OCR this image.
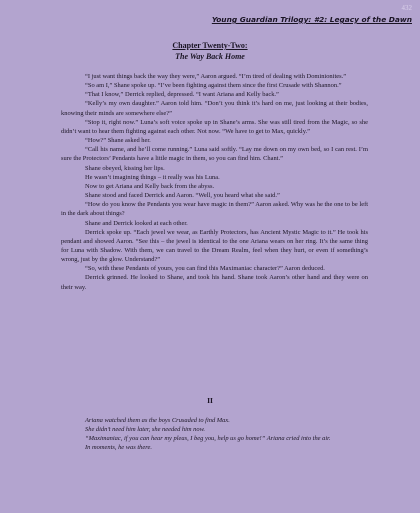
432
Young Guardian Trilogy: #2: Legacy of the Dawn
Chapter Twenty-Two:
The Way Back Home

“I just want things back the way they were,” Aaron argued. “I’m tired of dealing with Dominionites.”

“So am I,” Shane spoke up. “I’ve been fighting against them since the first Crusade with Shannon.”

“That I know,” Derrick replied, depressed. “I want Ariana and Kelly back.”

“Kelly’s my own daughter.” Aaron told him. “Don’t you think it’s hard on me, just looking at their bodies, knowing their minds are somewhere else?”

“Stop it, right now.” Luna’s soft voice spoke up in Shane’s arms. She was still tired from the Magic, so she didn’t want to hear them fighting against each other. Not now. “We have to get to Max, quickly.”

“How?” Shane asked her.

“Call his name, and he’ll come running.” Luna said softly. “Lay me down on my own bed, so I can rest. I’m sure the Protectors’ Pendants have a little magic in them, so you can find him. Chant.”

Shane obeyed, kissing her lips.

He wasn’t imagining things – it really was his Luna.

Now to get Ariana and Kelly back from the abyss.

Shane stood and faced Derrick and Aaron. “Well, you heard what she said.”

“How do you know the Pendants you wear have magic in them?” Aaron asked. Why was he the one to be left in the dark about things?

Shane and Derrick looked at each other.

Derrick spoke up. “Each jewel we wear, as Earthly Protectors, has Ancient Mystic Magic to it.” He took his pendant and showed Aaron. “See this – the jewel is identical to the one Ariana wears on her ring. It’s the same thing for Luna with Shadow. With them, we can travel to the Dream Realm, feel when they hurt, or even if something’s wrong, just by the glow. Understand?”

“So, with these Pendants of yours, you can find this Maximaniac character?” Aaron deduced.

Derrick grinned. He looked to Shane, and took his hand. Shane took Aaron’s other hand and they were on their way.

II

Ariana watched them as the boys Crusaded to find Max.

She didn’t need him later, she needed him now.

“Maximaniac, if you can hear my pleas, I beg you, help us go home!” Ariana cried into the air.

In moments, he was there.
